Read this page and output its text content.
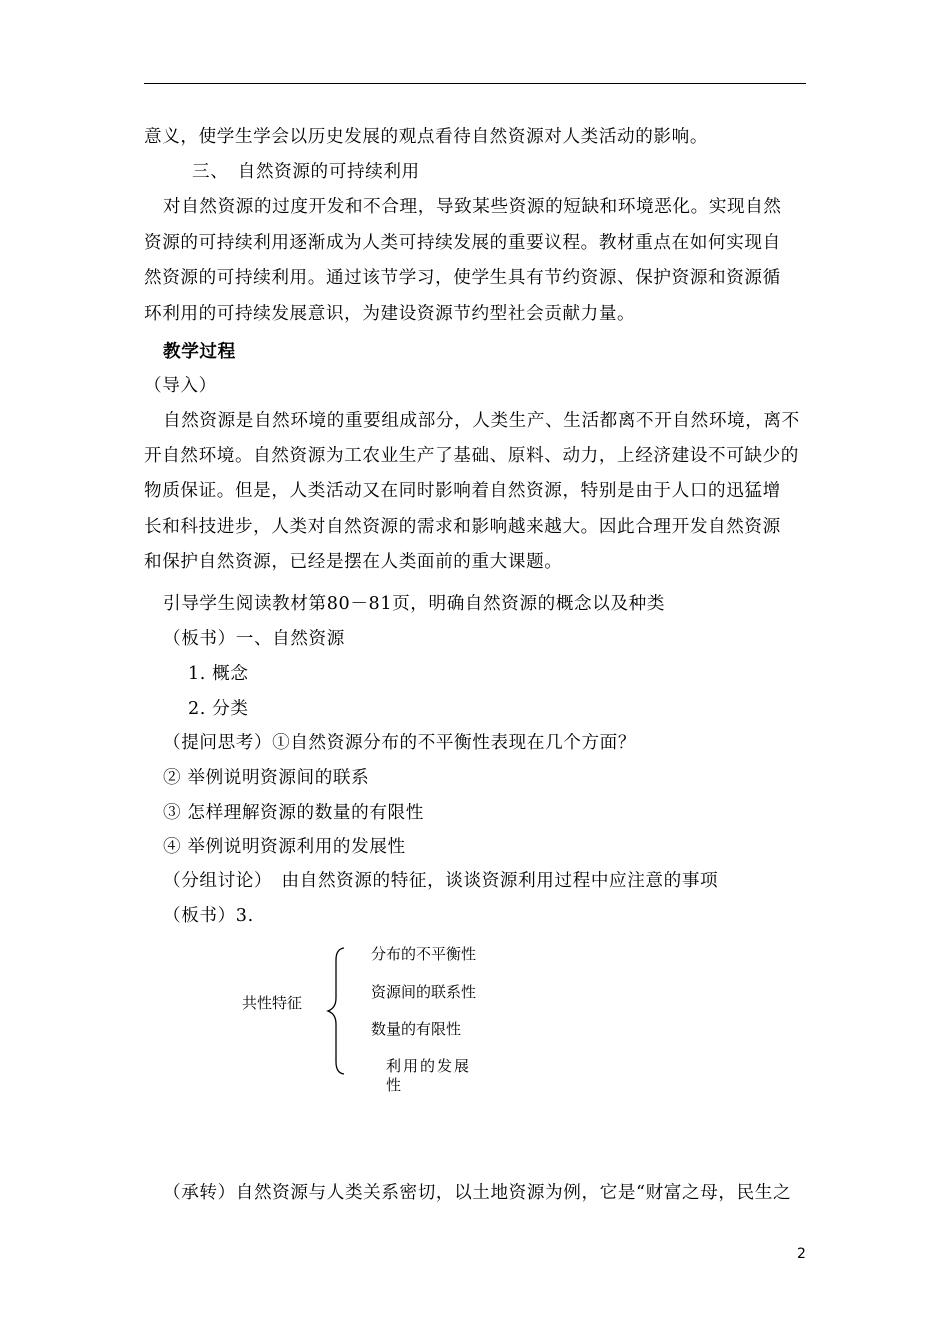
意义，使学生学会以历史发展的观点看待自然资源对人类活动的影响。
三、　自然资源的可持续利用
对自然资源的过度开发和不合理，导致某些资源的短缺和环境恶化。实现自然
资源的可持续利用逐渐成为人类可持续发展的重要议程。教材重点在如何实现自
然资源的可持续利用。通过该节学习，使学生具有节约资源、保护资源和资源循
环利用的可持续发展意识，为建设资源节约型社会贡献力量。
教学过程
（导入）
自然资源是自然环境的重要组成部分，人类生产、生活都离不开自然环境，离不
开自然环境。自然资源为工农业生产了基础、原料、动力，上经济建设不可缺少的
物质保证。但是，人类活动又在同时影响着自然资源，特别是由于人口的迅猛增
长和科技进步，人类对自然资源的需求和影响越来越大。因此合理开发自然资源
和保护自然资源，已经是摆在人类面前的重大课题。
引导学生阅读教材第80－81页，明确自然资源的概念以及种类
（板书）一、自然资源
1. 概念
2. 分类
（提问思考）①自然资源分布的不平衡性表现在几个方面？
② 举例说明资源间的联系
③ 怎样理解资源的数量的有限性
④ 举例说明资源利用的发展性
（分组讨论）　由自然资源的特征，谈谈资源利用过程中应注意的事项
（板书）3.
共性特征
分布的不平衡性
资源间的联系性
数量的有限性
利用的发展
性
（承转）自然资源与人类关系密切，以土地资源为例，它是“财富之母，民生之
2
